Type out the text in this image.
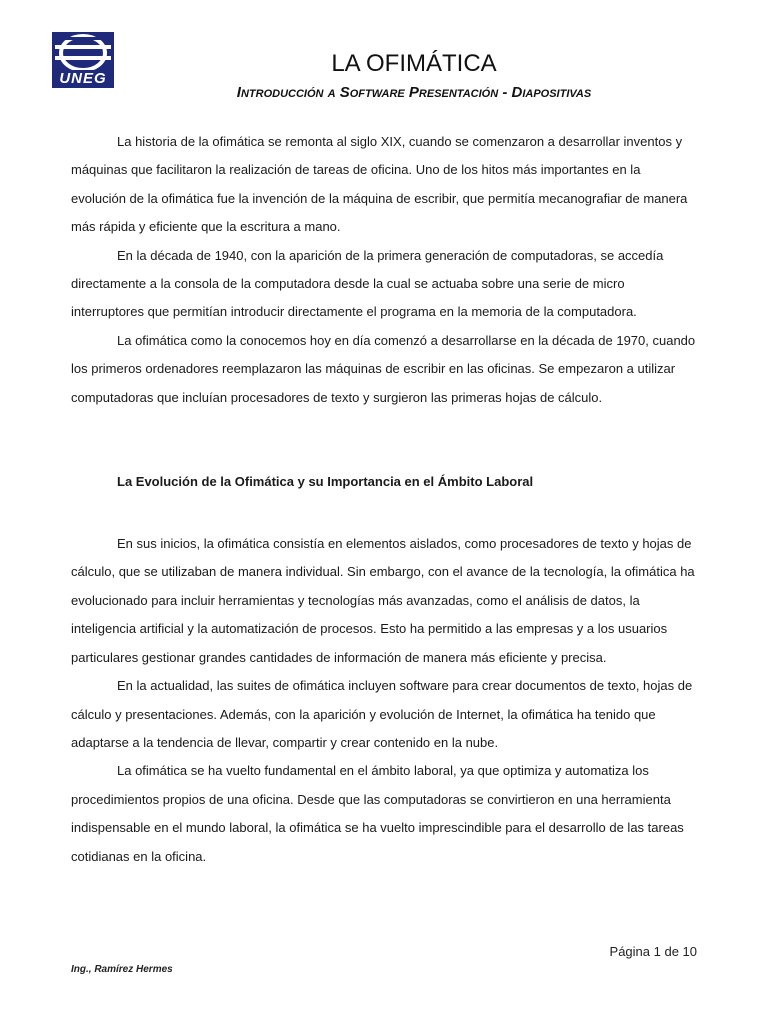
UNEG
LA OFIMÁTICA
Introducción a Software Presentación - Diapositivas

La historia de la ofimática se remonta al siglo XIX, cuando se comenzaron a desarrollar inventos y máquinas que facilitaron la realización de tareas de oficina. Uno de los hitos más importantes en la evolución de la ofimática fue la invención de la máquina de escribir, que permitía mecanografiar de manera más rápida y eficiente que la escritura a mano.

En la década de 1940, con la aparición de la primera generación de computadoras, se accedía directamente a la consola de la computadora desde la cual se actuaba sobre una serie de micro interruptores que permitían introducir directamente el programa en la memoria de la computadora.

La ofimática como la conocemos hoy en día comenzó a desarrollarse en la década de 1970, cuando los primeros ordenadores reemplazaron las máquinas de escribir en las oficinas. Se empezaron a utilizar computadoras que incluían procesadores de texto y surgieron las primeras hojas de cálculo.

La Evolución de la Ofimática y su Importancia en el Ámbito Laboral

En sus inicios, la ofimática consistía en elementos aislados, como procesadores de texto y hojas de cálculo, que se utilizaban de manera individual. Sin embargo, con el avance de la tecnología, la ofimática ha evolucionado para incluir herramientas y tecnologías más avanzadas, como el análisis de datos, la inteligencia artificial y la automatización de procesos. Esto ha permitido a las empresas y a los usuarios particulares gestionar grandes cantidades de información de manera más eficiente y precisa.

En la actualidad, las suites de ofimática incluyen software para crear documentos de texto, hojas de cálculo y presentaciones. Además, con la aparición y evolución de Internet, la ofimática ha tenido que adaptarse a la tendencia de llevar, compartir y crear contenido en la nube.

La ofimática se ha vuelto fundamental en el ámbito laboral, ya que optimiza y automatiza los procedimientos propios de una oficina. Desde que las computadoras se convirtieron en una herramienta indispensable en el mundo laboral, la ofimática se ha vuelto imprescindible para el desarrollo de las tareas cotidianas en la oficina.

Página 1 de 10
Ing., Ramírez Hermes
